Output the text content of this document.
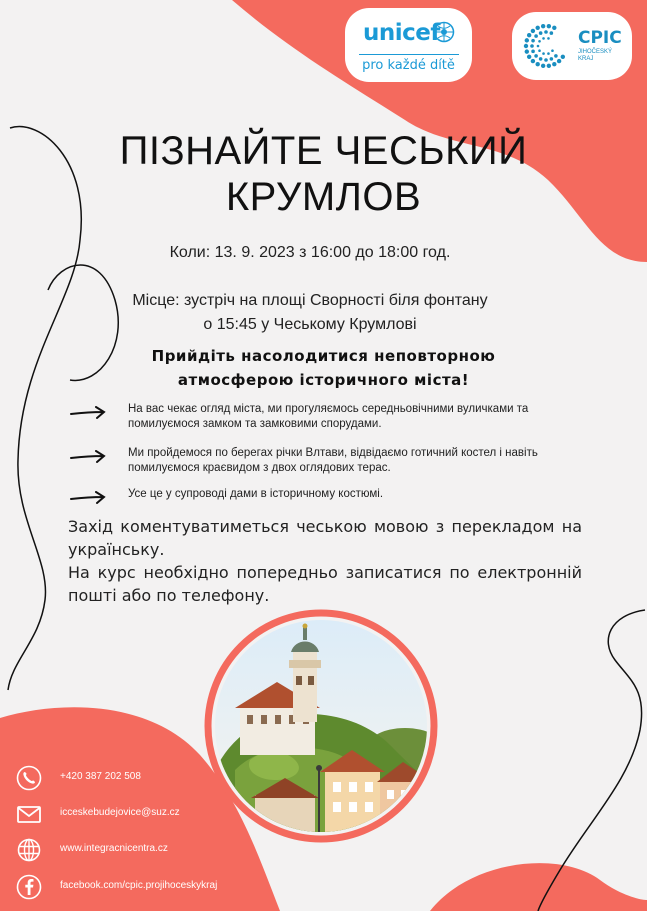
unicef
pro každé dítě
CPIC
JIHOČESKÝ
KRAJ
ПІЗНАЙТЕ ЧЕСЬКИЙ
КРУМЛОВ
Коли: 13. 9. 2023 з 16:00 до 18:00 год.
Місце: зустріч на площі Сворності біля фонтану
о 15:45 у Чеському Крумлові
Прийдіть насолодитися неповторною
атмосферою історичного міста!
На вас чекає огляд міста, ми прогуляємось середньовічними вуличками та помилуємося замком та замковими спорудами.
Ми пройдемося по берегах річки Влтави, відвідаємо готичний костел і навіть помилуємося краєвидом з двох оглядових терас.
Усе це у супроводі дами в історичному костюмі.

Захід коментуватиметься чеською мовою з перекладом на українську.

На курс необхідно попередньо записатися по електронній пошті або по телефону.

+420 387 202 508
icceskebudejovice@suz.cz
www.integracnicentra.cz
facebook.com/cpic.projihoceskykraj
